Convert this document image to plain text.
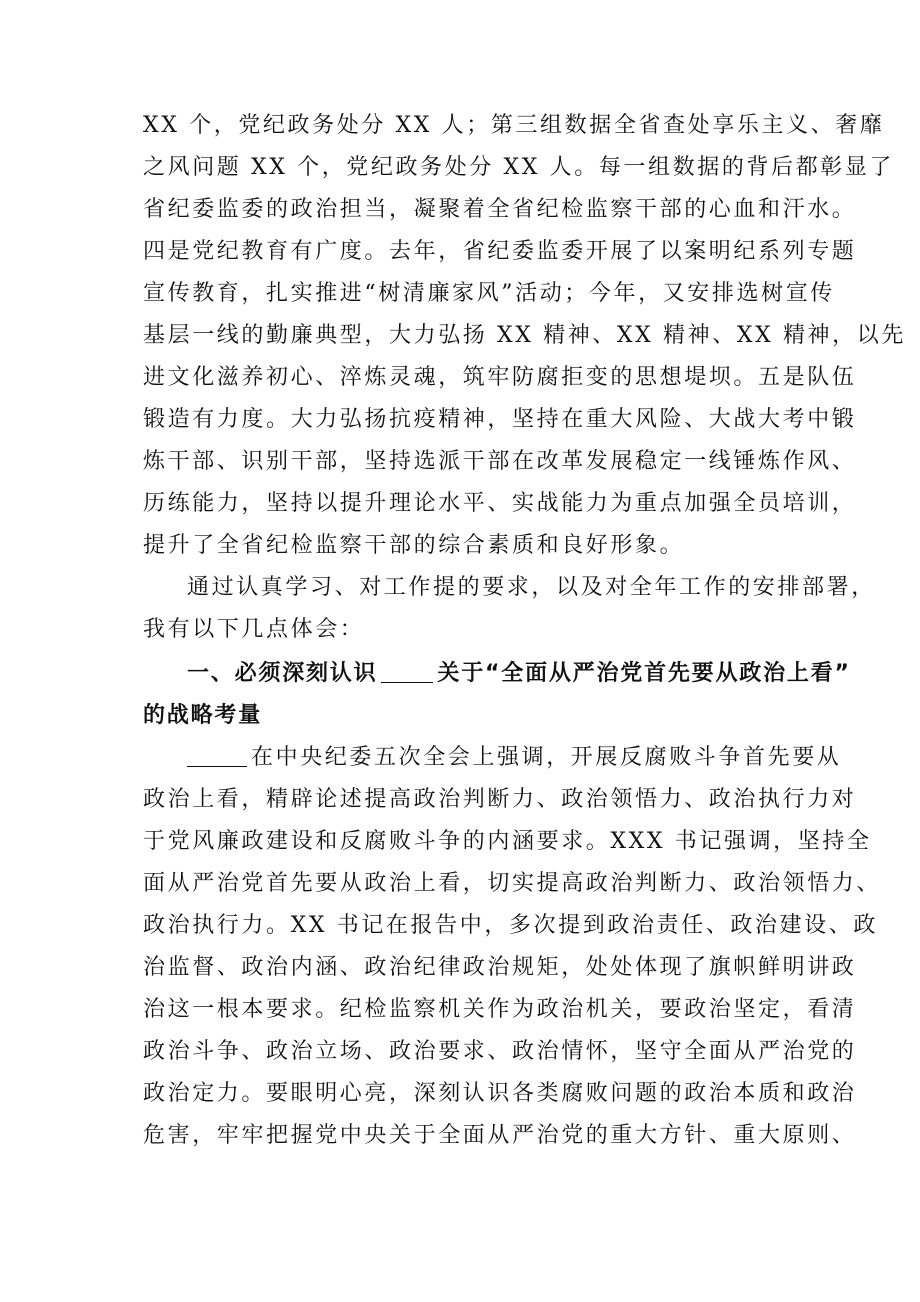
XX 个，党纪政务处分 XX 人；第三组数据全省查处享乐主义、奢靡
之风问题 XX 个，党纪政务处分 XX 人。每一组数据的背后都彰显了
省纪委监委的政治担当，凝聚着全省纪检监察干部的心血和汗水。
四是党纪教育有广度。去年，省纪委监委开展了以案明纪系列专题
宣传教育，扎实推进“树清廉家风”活动；今年，又安排选树宣传
基层一线的勤廉典型，大力弘扬 XX 精神、XX 精神、XX 精神，以先
进文化滋养初心、淬炼灵魂，筑牢防腐拒变的思想堤坝。五是队伍
锻造有力度。大力弘扬抗疫精神，坚持在重大风险、大战大考中锻
炼干部、识别干部，坚持选派干部在改革发展稳定一线锤炼作风、
历练能力，坚持以提升理论水平、实战能力为重点加强全员培训，
提升了全省纪检监察干部的综合素质和良好形象。
通过认真学习、对工作提的要求，以及对全年工作的安排部署，
我有以下几点体会：
一、必须深刻认识	关于“全面从严治党首先要从政治上看”
的战略考量
在中央纪委五次全会上强调，开展反腐败斗争首先要从
政治上看，精辟论述提高政治判断力、政治领悟力、政治执行力对
于党风廉政建设和反腐败斗争的内涵要求。XXX 书记强调，坚持全
面从严治党首先要从政治上看，切实提高政治判断力、政治领悟力、
政治执行力。XX 书记在报告中，多次提到政治责任、政治建设、政
治监督、政治内涵、政治纪律政治规矩，处处体现了旗帜鲜明讲政
治这一根本要求。纪检监察机关作为政治机关，要政治坚定，看清
政治斗争、政治立场、政治要求、政治情怀，坚守全面从严治党的
政治定力。要眼明心亮，深刻认识各类腐败问题的政治本质和政治
危害，牢牢把握党中央关于全面从严治党的重大方针、重大原则、
